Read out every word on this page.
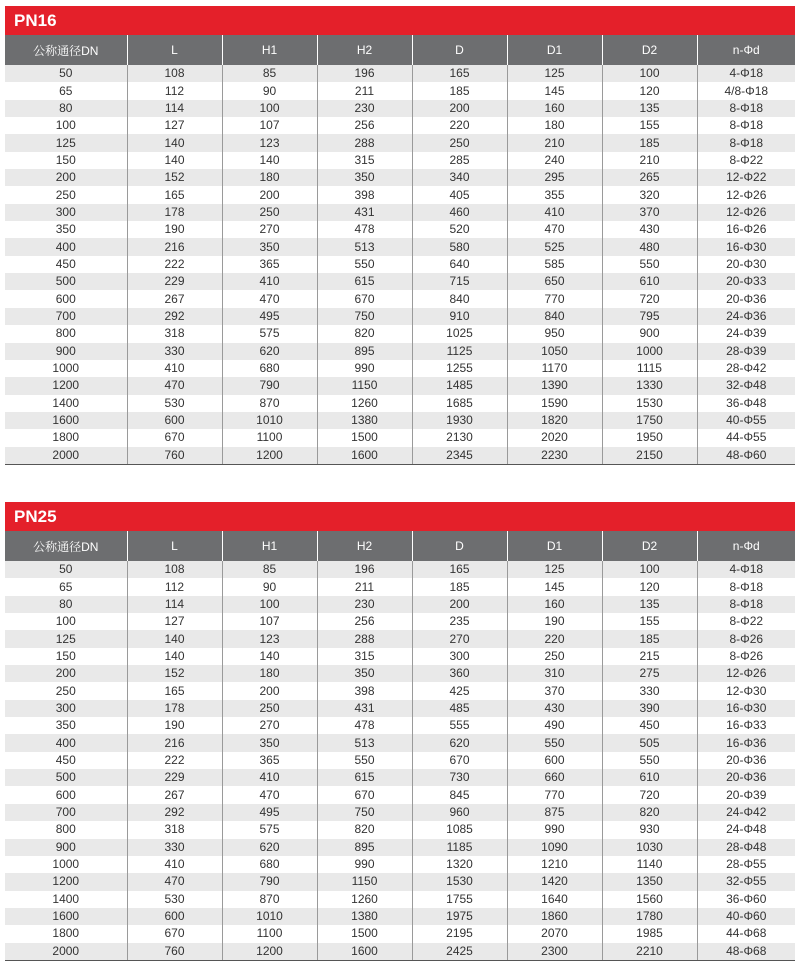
PN16
公称通径DN	L	H1	H2	D	D1	D2	n-Φd
50	108	85	196	165	125	100	4-Φ18
65	112	90	211	185	145	120	4/8-Φ18
80	114	100	230	200	160	135	8-Φ18
100	127	107	256	220	180	155	8-Φ18
125	140	123	288	250	210	185	8-Φ18
150	140	140	315	285	240	210	8-Φ22
200	152	180	350	340	295	265	12-Φ22
250	165	200	398	405	355	320	12-Φ26
300	178	250	431	460	410	370	12-Φ26
350	190	270	478	520	470	430	16-Φ26
400	216	350	513	580	525	480	16-Φ30
450	222	365	550	640	585	550	20-Φ30
500	229	410	615	715	650	610	20-Φ33
600	267	470	670	840	770	720	20-Φ36
700	292	495	750	910	840	795	24-Φ36
800	318	575	820	1025	950	900	24-Φ39
900	330	620	895	1125	1050	1000	28-Φ39
1000	410	680	990	1255	1170	1115	28-Φ42
1200	470	790	1150	1485	1390	1330	32-Φ48
1400	530	870	1260	1685	1590	1530	36-Φ48
1600	600	1010	1380	1930	1820	1750	40-Φ55
1800	670	1100	1500	2130	2020	1950	44-Φ55
2000	760	1200	1600	2345	2230	2150	48-Φ60
PN25
公称通径DN	L	H1	H2	D	D1	D2	n-Φd
50	108	85	196	165	125	100	4-Φ18
65	112	90	211	185	145	120	8-Φ18
80	114	100	230	200	160	135	8-Φ18
100	127	107	256	235	190	155	8-Φ22
125	140	123	288	270	220	185	8-Φ26
150	140	140	315	300	250	215	8-Φ26
200	152	180	350	360	310	275	12-Φ26
250	165	200	398	425	370	330	12-Φ30
300	178	250	431	485	430	390	16-Φ30
350	190	270	478	555	490	450	16-Φ33
400	216	350	513	620	550	505	16-Φ36
450	222	365	550	670	600	550	20-Φ36
500	229	410	615	730	660	610	20-Φ36
600	267	470	670	845	770	720	20-Φ39
700	292	495	750	960	875	820	24-Φ42
800	318	575	820	1085	990	930	24-Φ48
900	330	620	895	1185	1090	1030	28-Φ48
1000	410	680	990	1320	1210	1140	28-Φ55
1200	470	790	1150	1530	1420	1350	32-Φ55
1400	530	870	1260	1755	1640	1560	36-Φ60
1600	600	1010	1380	1975	1860	1780	40-Φ60
1800	670	1100	1500	2195	2070	1985	44-Φ68
2000	760	1200	1600	2425	2300	2210	48-Φ68
